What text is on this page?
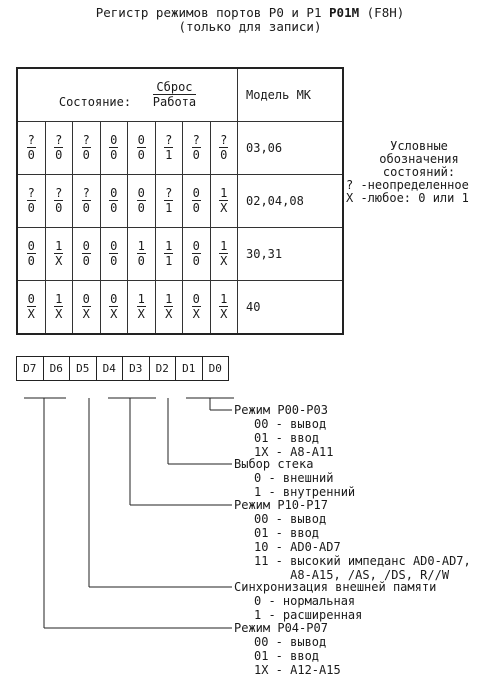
Регистр режимов портов P0 и P1 P01M (F8H)
(только для записи)
Состояние: $\frac{\text{Сброс}}{\text{Работа}}$								Модель МК

$\frac{?}{0}$	$\frac{?}{0}$	$\frac{?}{0}$	$\frac{0}{0}$	$\frac{0}{0}$	$\frac{?}{1}$	$\frac{?}{0}$	$\frac{?}{0}$	03,06

$\frac{?}{0}$	$\frac{?}{0}$	$\frac{?}{0}$	$\frac{0}{0}$	$\frac{0}{0}$	$\frac{?}{1}$	$\frac{0}{0}$	$\frac{1}{X}$	02,04,08

$\frac{0}{0}$	$\frac{1}{X}$	$\frac{0}{0}$	$\frac{0}{0}$	$\frac{1}{0}$	$\frac{1}{1}$	$\frac{0}{0}$	$\frac{1}{X}$	30,31

$\frac{0}{X}$	$\frac{1}{X}$	$\frac{0}{X}$	$\frac{0}{X}$	$\frac{1}{X}$	$\frac{1}{X}$	$\frac{0}{X}$	$\frac{1}{X}$	40
Условные
обозначения
состояний:
? -неопределенное
X -любое: 0 или 1
D7	D6	D5	D4	D3	D2	D1	D0
Режим P00-P03
00 - вывод
01 - ввод
1X - A8-A11
Выбор стека
0 - внешний
1 - внутренний
Режим P10-P17
00 - вывод
01 - ввод
10 - AD0-AD7
11 - высокий импеданс AD0-AD7,
A8-A15, /AS, /DS, R//W
Синхронизация внешней памяти
0 - нормальная
1 - расширенная
Режим P04-P07
00 - вывод
01 - ввод
1X - A12-A15
